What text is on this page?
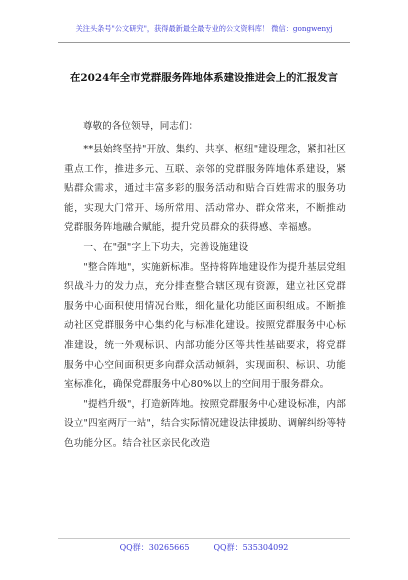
关注头条号"公文研究"，获得最新最全最专业的公文资料库！ 微信：gongwenyj
在2024年全市党群服务阵地体系建设推进会上的汇报发言
尊敬的各位领导，同志们：

**县始终坚持"开放、集约、共享、枢纽"建设理念，紧扣社区重点工作，推进多元、互联、亲邻的党群服务阵地体系建设，紧贴群众需求，通过丰富多彩的服务活动和贴合百姓需求的服务功能，实现大门常开、场所常用、活动常办、群众常来，不断推动党群服务阵地融合赋能，提升党员群众的获得感、幸福感。

一、在"强"字上下功夫，完善设施建设

"整合阵地"，实施新标准。坚持将阵地建设作为提升基层党组织战斗力的发力点，充分排查整合辖区现有资源，建立社区党群服务中心面积使用情况台账，细化量化功能区面积组成。不断推动社区党群服务中心集约化与标准化建设。按照党群服务中心标准建设，统一外观标识、内部功能分区等共性基础要求，将党群服务中心空间面积更多向群众活动倾斜，实现面积、标识、功能室标准化，确保党群服务中心80%以上的空间用于服务群众。

"提档升级"，打造新阵地。按照党群服务中心建设标准，内部设立"四室两厅一站"，结合实际情况建设法律援助、调解纠纷等特色功能分区。结合社区亲民化改造

QQ群：30265665	QQ群：535304092
